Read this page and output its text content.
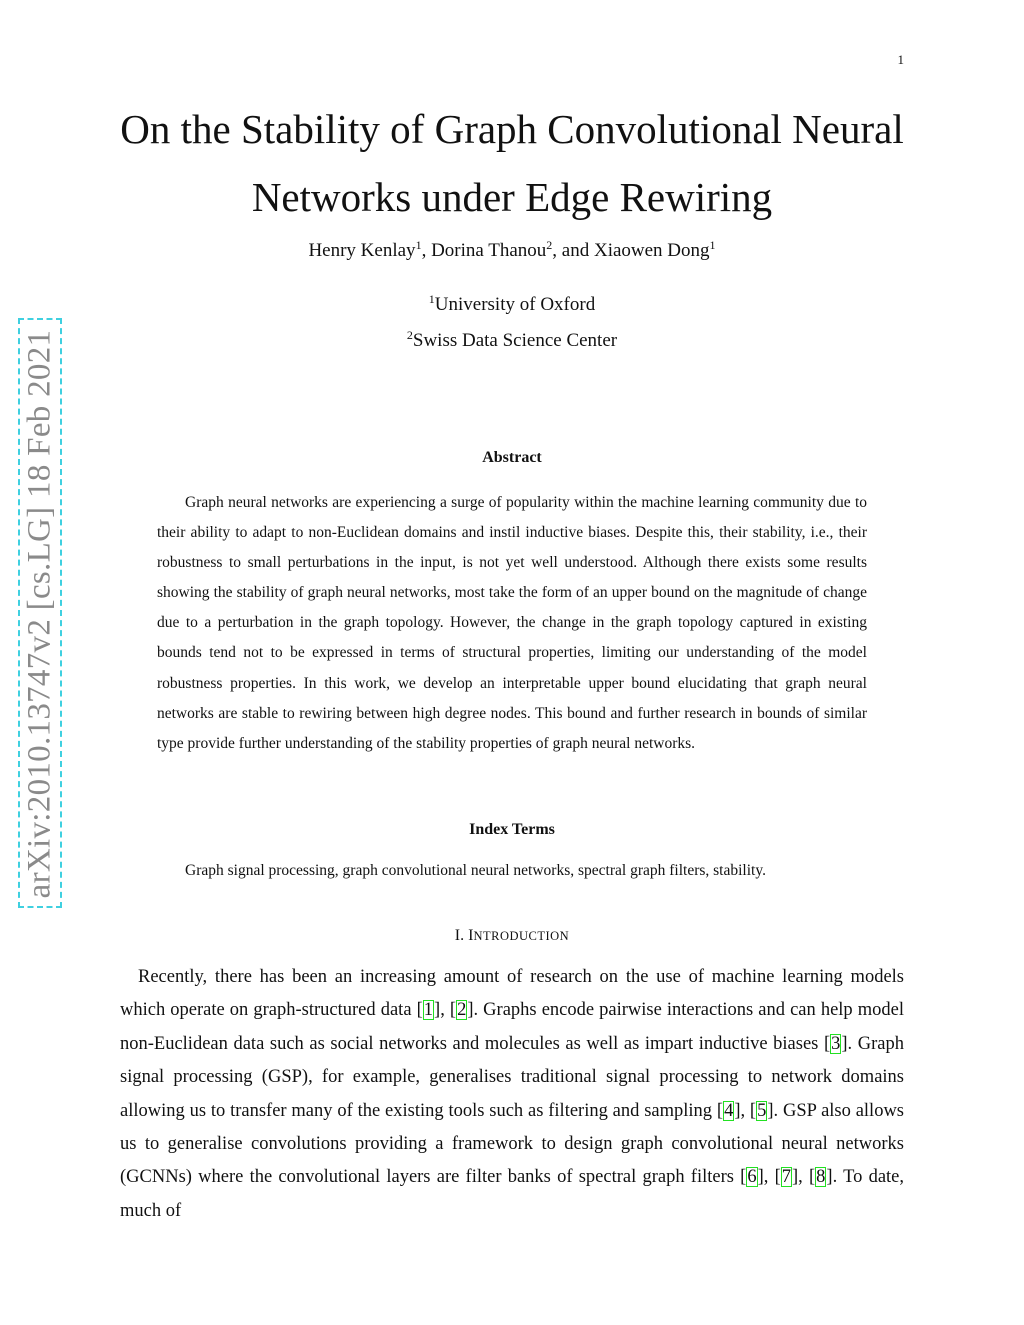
1
arXiv:2010.13747v2 [cs.LG] 18 Feb 2021
On the Stability of Graph Convolutional Neural Networks under Edge Rewiring
Henry Kenlay$^1$, Dorina Thanou$^2$, and Xiaowen Dong$^1$
$^1$University of Oxford
$^2$Swiss Data Science Center
Abstract

Graph neural networks are experiencing a surge of popularity within the machine learning community due to their ability to adapt to non-Euclidean domains and instil inductive biases. Despite this, their stability, i.e., their robustness to small perturbations in the input, is not yet well understood. Although there exists some results showing the stability of graph neural networks, most take the form of an upper bound on the magnitude of change due to a perturbation in the graph topology. However, the change in the graph topology captured in existing bounds tend not to be expressed in terms of structural properties, limiting our understanding of the model robustness properties. In this work, we develop an interpretable upper bound elucidating that graph neural networks are stable to rewiring between high degree nodes. This bound and further research in bounds of similar type provide further understanding of the stability properties of graph neural networks.

Index Terms

Graph signal processing, graph convolutional neural networks, spectral graph filters, stability.

I. INTRODUCTION

Recently, there has been an increasing amount of research on the use of machine learning models which operate on graph-structured data [1], [2]. Graphs encode pairwise interactions and can help model non-Euclidean data such as social networks and molecules as well as impart inductive biases [3]. Graph signal processing (GSP), for example, generalises traditional signal processing to network domains allowing us to transfer many of the existing tools such as filtering and sampling [4], [5]. GSP also allows us to generalise convolutions providing a framework to design graph convolutional neural networks (GCNNs) where the convolutional layers are filter banks of spectral graph filters [6], [7], [8]. To date, much of
